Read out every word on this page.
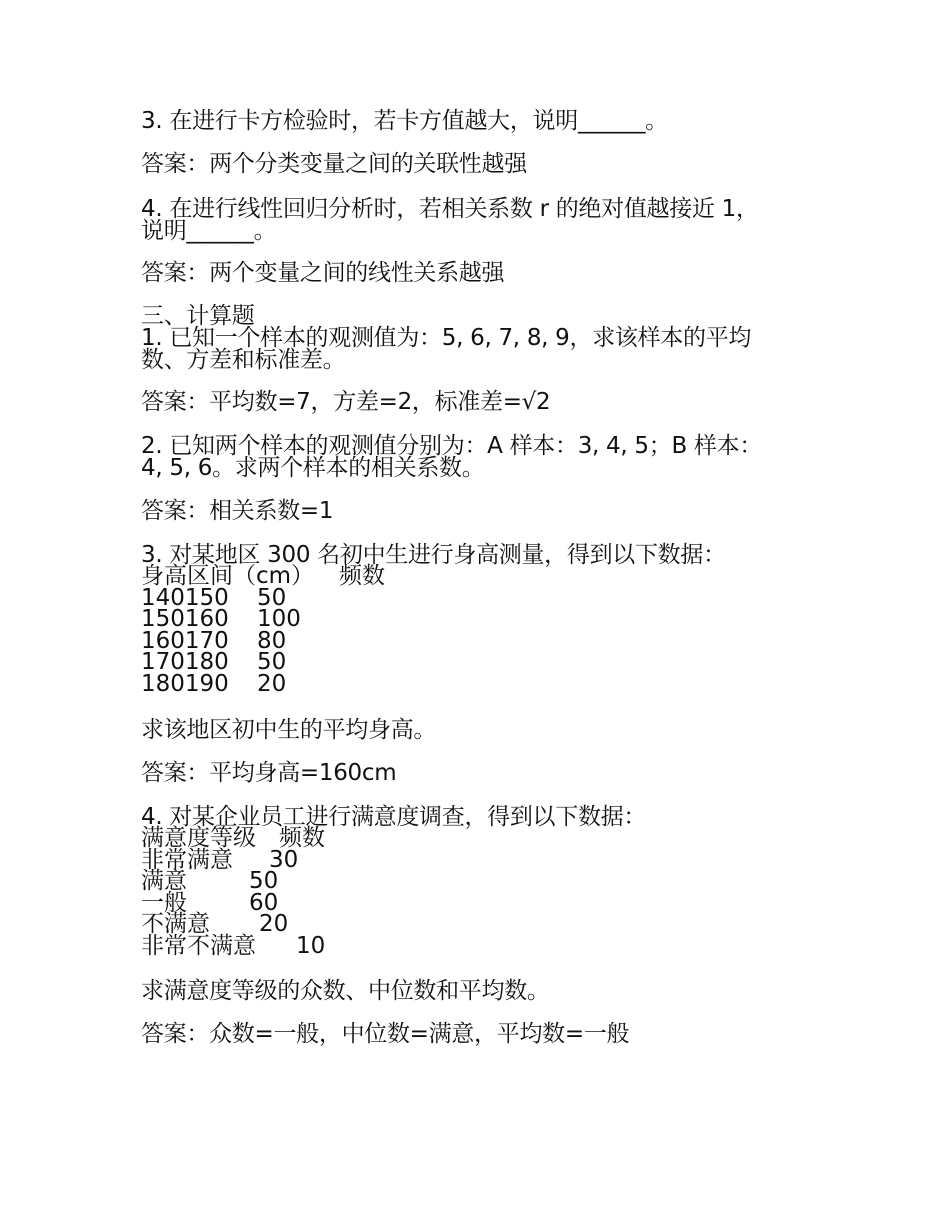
3. 在进行卡方检验时，若卡方值越大，说明______。
答案：两个分类变量之间的关联性越强
4. 在进行线性回归分析时，若相关系数 r 的绝对值越接近 1，
说明______。
答案：两个变量之间的线性关系越强
三、计算题
1. 已知一个样本的观测值为：5, 6, 7, 8, 9，求该样本的平均
数、方差和标准差。
答案：平均数=7，方差=2，标准差=√2
2. 已知两个样本的观测值分别为：A 样本：3, 4, 5；B 样本：
4, 5, 6。求两个样本的相关系数。
答案：相关系数=1
3. 对某地区 300 名初中生进行身高测量，得到以下数据：
身高区间（cm） 频数
140150 50
150160 100
160170 80
170180 50
180190 20
求该地区初中生的平均身高。
答案：平均身高=160cm
4. 对某企业员工进行满意度调查，得到以下数据：
满意度等级 频数
非常满意 30
满意	50
一般	60
不满意 20
非常不满意 10
求满意度等级的众数、中位数和平均数。
答案：众数=一般，中位数=满意，平均数=一般
